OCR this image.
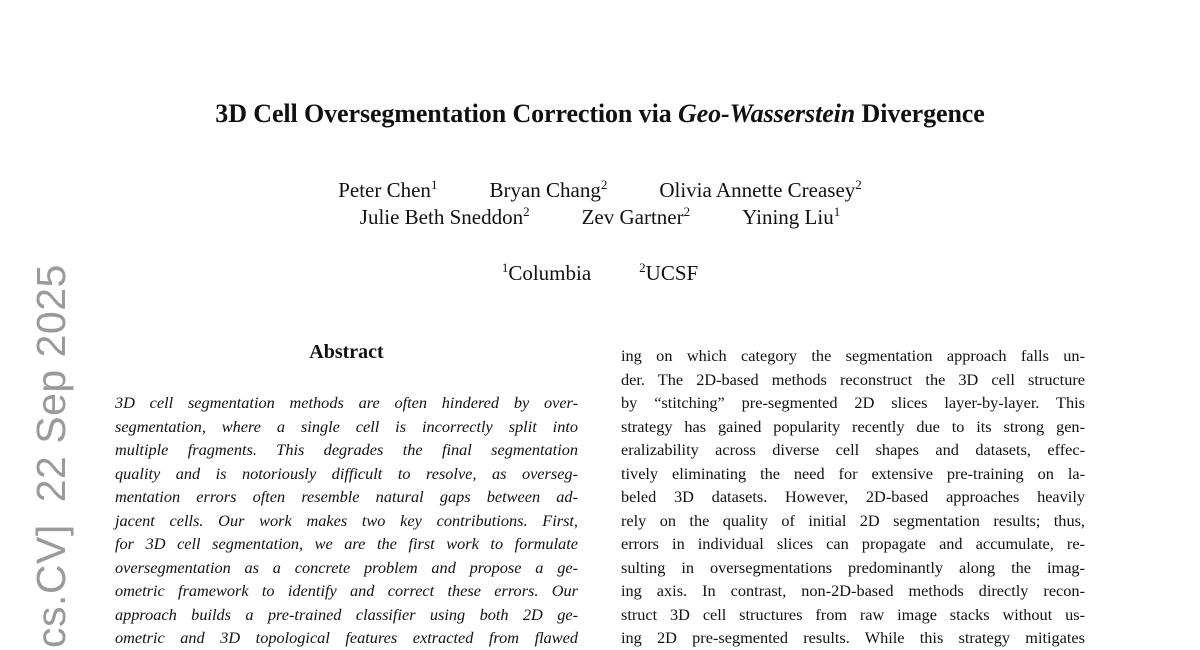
cs.CV]22 Sep 2025
3D Cell Oversegmentation Correction via Geo-Wasserstein Divergence
Peter Chen$^1$ Bryan Chang$^2$ Olivia Annette Creasey$^2$
Julie Beth Sneddon$^2$ Zev Gartner$^2$ Yining Liu$^1$
$^1$Columbia	$^2$UCSF
Abstract
3D cell segmentation methods are often hindered by over-
segmentation, where a single cell is incorrectly split into
multiple fragments. This degrades the final segmentation
quality and is notoriously difficult to resolve, as overseg-
mentation errors often resemble natural gaps between ad-
jacent cells. Our work makes two key contributions. First,
for 3D cell segmentation, we are the first work to formulate
oversegmentation as a concrete problem and propose a ge-
ometric framework to identify and correct these errors. Our
approach builds a pre-trained classifier using both 2D ge-
ometric and 3D topological features extracted from flawed
ing on which category the segmentation approach falls un-
der. The 2D-based methods reconstruct the 3D cell structure
by “stitching” pre-segmented 2D slices layer-by-layer. This
strategy has gained popularity recently due to its strong gen-
eralizability across diverse cell shapes and datasets, effec-
tively eliminating the need for extensive pre-training on la-
beled 3D datasets. However, 2D-based approaches heavily
rely on the quality of initial 2D segmentation results; thus,
errors in individual slices can propagate and accumulate, re-
sulting in oversegmentations predominantly along the imag-
ing axis. In contrast, non-2D-based methods directly recon-
struct 3D cell structures from raw image stacks without us-
ing 2D pre-segmented results. While this strategy mitigates
